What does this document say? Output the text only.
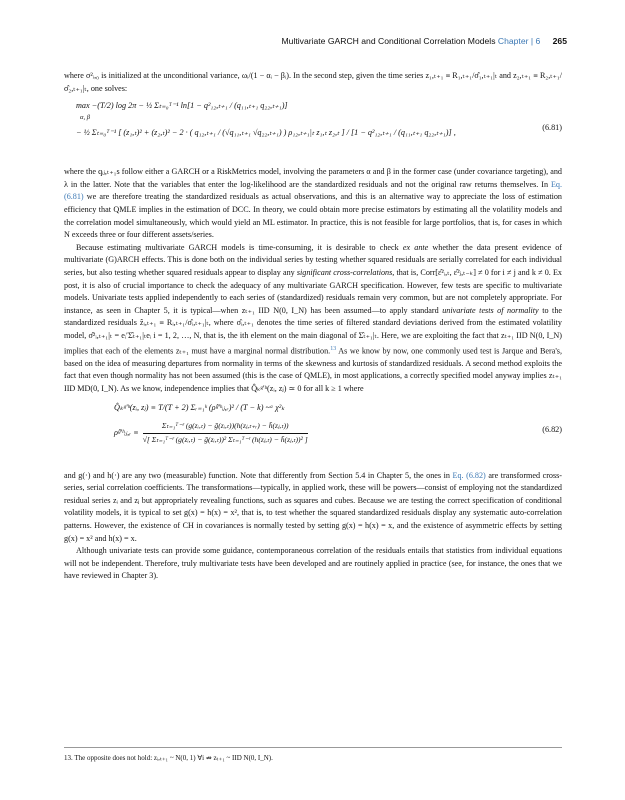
Multivariate GARCH and Conditional Correlation Models Chapter | 6 265

where σ²ᵢ,₀ is initialized at the unconditional variance, ωᵢ/(1 − αᵢ − βᵢ). In the second step, given the time series z₁,ₜ₊₁ ≡ R₁,ₜ₊₁/σ̂₁,ₜ₊₁|ₜ and z₂,ₜ₊₁ ≡ R₂,ₜ₊₁/σ̂₂,ₜ₊₁|ₜ, one solves:

(6.81)
max −(T/2) log 2π − ½ Σₜ₌₀ᵀ⁻¹ ln[1 − q²₁₂,ₜ₊₁ / (q₁₁,ₜ₊₁ q₂₂,ₜ₊₁)]
α, β
− ½ Σₜ₌₀ᵀ⁻¹ [ (z₁,ₜ)² + (z₂,ₜ)² − 2 · ( q₁₂,ₜ₊₁ / (√q₁₁,ₜ₊₁ √q₂₂,ₜ₊₁) ) ρ₁₂,ₜ₊₁|ₜ z₁,ₜ z₂,ₜ ] / [1 − q²₁₂,ₜ₊₁ / (q₁₁,ₜ₊₁ q₂₂,ₜ₊₁)] ,

where the qᵢⱼ,ₜ₊₁s follow either a GARCH or a RiskMetrics model, involving the parameters α and β in the former case (under covariance targeting), and λ in the latter. Note that the variables that enter the log-likelihood are the standardized residuals and not the original raw returns themselves. In Eq. (6.81) we are therefore treating the standardized residuals as actual observations, and this is an alternative way to appreciate the loss of estimation efficiency that QMLE implies in the estimation of DCC. In theory, we could obtain more precise estimators by estimating all the volatility models and the correlation model simultaneously, which would yield an ML estimator. In practice, this is not feasible for large portfolios, that is, for cases in which N exceeds three or four different assets/series.

Because estimating multivariate GARCH models is time-consuming, it is desirable to check ex ante whether the data present evidence of multivariate (G)ARCH effects. This is done both on the individual series by testing whether squared residuals are serially correlated for each individual series, but also testing whether squared residuals appear to display any significant cross-correlations, that is, Corr[ε̂²ᵢ,ₜ, ε̂²ⱼ,ₜ₋ₖ] ≠ 0 for i ≠ j and k ≠ 0. Ex post, it is also of crucial importance to check the adequacy of any multivariate GARCH specification. However, few tests are specific to multivariate models. Univariate tests applied independently to each series of (standardized) residuals remain very common, but are not completely appropriate. For instance, as seen in Chapter 5, it is typical—when zₜ₊₁ IID N(0, I_N) has been assumed—to apply standard univariate tests of normality to the standardized residuals ẑᵢ,ₜ₊₁ ≡ Rᵢ,ₜ₊₁/σ̂ᵢ,ₜ₊₁|ₜ, where σ̂ᵢ,ₜ₊₁ denotes the time series of filtered standard deviations derived from the estimated volatility model, σ̂²ᵢ,ₜ₊₁|ₜ = eᵢ′Σ̂ₜ₊₁|ₜeᵢ i = 1, 2, …, N, that is, the ith element on the main diagonal of Σ̂ₜ₊₁|ₜ. Here, we are exploiting the fact that zₜ₊₁ IID N(0, I_N) implies that each of the elements zₜ₊₁ must have a marginal normal distribution.$^{13}$ As we know by now, one commonly used test is Jarque and Bera's, based on the idea of measuring departures from normality in terms of the skewness and kurtosis of standardized residuals. A second method exploits the fact that even though normality has not been assumed (this is the case of QMLE), in most applications, a correctly specified model anyway implies zₜ₊₁ IID MD(0, I_N). As we know, independence implies that Q̂ₖᵍ'ʰ(zᵢ, zⱼ) ≃ 0 for all k ≥ 1 where

(6.82)
Q̂ₖᵍ'ʰ(zᵢ, zⱼ) ≡ T/(T + 2) Σᵣ₌₁ᵏ (ρ̂ᵍ'ʰᵢⱼ,ᵣ)² / (T − k) ~ᵃ χ²ₖ
ρ̂ᵍ'ʰᵢⱼ,ᵣ ≡
Σₜ₌₁ᵀ⁻ʳ (g(zᵢ,ₜ) − ḡ(zᵢ,ₜ))(h(zⱼ,ₜ₊ᵣ) − h̄(zⱼ,ₜ))
√[ Σₜ₌₁ᵀ⁻ʳ (g(zᵢ,ₜ) − ḡ(zᵢ,ₜ))² Σₜ₌₁ᵀ⁻ʳ (h(zⱼ,ₜ) − h̄(zⱼ,ₜ))² ]

and g(·) and h(·) are any two (measurable) function. Note that differently from Section 5.4 in Chapter 5, the ones in Eq. (6.82) are transformed cross-series, serial correlation coefficients. The transformations—typically, in applied work, these will be powers—consist of employing not the standardized residual series zᵢ and zⱼ but appropriately revealing functions, such as squares and cubes. Because we are testing the correct specification of conditional volatility models, it is typical to set g(x) = h(x) = x², that is, to test whether the squared standardized residuals display any systematic auto-correlation patterns. However, the existence of CH in covariances is normally tested by setting g(x) = h(x) = x, and the existence of asymmetric effects by setting g(x) = x² and h(x) = x.

Although univariate tests can provide some guidance, contemporaneous correlation of the residuals entails that statistics from individual equations will not be independent. Therefore, truly multivariate tests have been developed and are routinely applied in practice (see, for instance, the ones that we have reviewed in Chapter 3).

13. The opposite does not hold: zᵢ,ₜ₊₁ ~ N(0, 1) ∀i ⇏ zₜ₊₁ ~ IID N(0, I_N).
